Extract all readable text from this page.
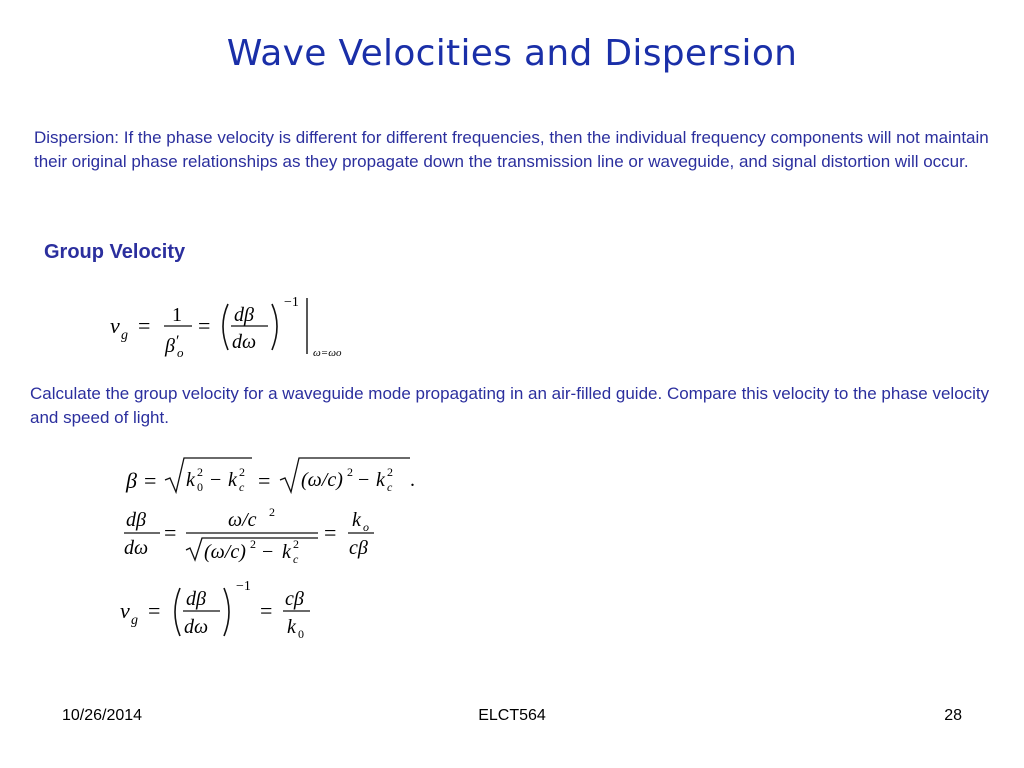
Wave Velocities and Dispersion
Dispersion: If the phase velocity is different for different frequencies, then the individual frequency components will not maintain their original phase relationships as they propagate down the transmission line or waveguide, and signal distortion will occur.
Group Velocity
v g = 1
β ′
o
= dβ
dω
−1
ω=ωo
Calculate the group velocity for a waveguide mode propagating in an air-filled guide. Compare this velocity to the phase velocity and speed of light.
β = k 2
0 − k 2
c = (ω/c) 2 − k 2
c .
dβ
dω
=	ω/c 2
(ω/c) 2 − k 2
c
= k o
cβ
v g = dβ
dω
−1
= cβ
k 0
10/26/2014	ELCT564	28
